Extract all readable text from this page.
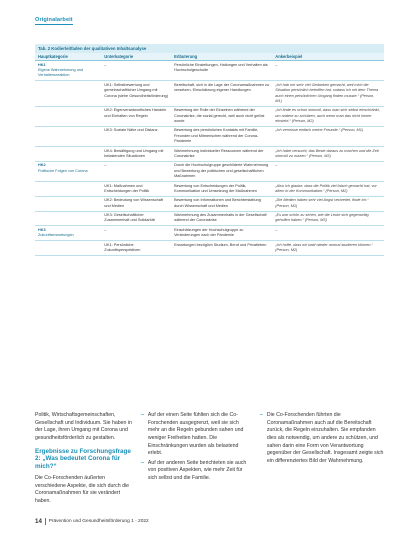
Originalarbeit
Tab. 2 Kodierleitfaden der qualitativen Inhaltsanalyse
Hauptkategorie	Unterkategorie	Erläuterung	Ankerbeispiel
HK1
Eigene Wahrnehmung und Verhaltensreaktion	–	Persönliche Einstellungen, Haltungen und Verhalten als Hochschulgeschulte	–

	UK1: Selbstbewertung und gemeinschaftlicher Umgang mit Corona (siehe Gesundheitsförderung)	Bereitschaft, sich in die Lage der Coronamaßnahmen zu versetzen, Einschätzung eigener Handlungen	„Ich hab mir sehr viel Gedanken gemacht, weil mich die Situation persönlich betroffen hat, sodass ich mit dem Thema auch einen persönlichen Umgang finden musste.“ (Person, M1)

	UK2: Eigenverantwortliches Handeln und Einhalten von Regeln	Bewertung der Rolle der Einzelnen während der Coronakrise, die sozial gerecht, weil auch nicht gelöst wurde	„Ich finde es schon sinnvoll, dass man sich selbst einschränkt, um andere zu schützen, auch wenn man das nicht immer einsieht.“ (Person, M2)

	UK3: Soziale Nähe und Distanz	Bewertung des persönlichen Kontakts mit Familie, Freunden und Mitmenschen während der Corona-Pandemie	„Ich vermisse einfach meine Freunde.“ (Person, M1)

	UK4: Bewältigung und Umgang mit belastenden Situationen	Wahrnehmung individueller Ressourcen während der Coronakrise	„Ich habe versucht, das Beste daraus zu machen und die Zeit sinnvoll zu nutzen.“ (Person, M3)
HK2
Politische Folgen von Corona	–	Durch die Hochschulgruppe geschilderte Wahrnehmung und Bewertung der politischen und gesellschaftlichen Maßnahmen	–

	UK1: Maßnahmen und Entscheidungen der Politik	Bewertung von Entscheidungen der Politik, Kommunikation und Umsetzung der Maßnahmen	„Also ich glaube, dass die Politik viel falsch gemacht hat, vor allem in der Kommunikation.“ (Person, M2)

	UK2: Bedeutung von Wissenschaft und Medien	Bewertung von Informationen und Berichterstattung durch Wissenschaft und Medien	„Die Medien haben sehr viel Angst verbreitet, finde ich.“ (Person, M1)

	UK3: Gesellschaftlicher Zusammenhalt und Solidarität	Wahrnehmung des Zusammenhalts in der Gesellschaft während der Coronakrise	„Es war schön zu sehen, wie die Leute sich gegenseitig geholfen haben.“ (Person, M3)
HK3
Zukunftserwartungen	–	Einschätzungen der Hochschulgruppe zu Veränderungen nach der Pandemie	–

	UK1: Persönliche Zukunftsperspektiven	Erwartungen bezüglich Studium, Beruf und Privatleben	„Ich hoffe, dass wir bald wieder normal studieren können.“ (Person, M2)

Politik, Wirtschaftsgemeinschaften, Gesellschaft und Individuum. Sie haben in der Lage, ihren Umgang mit Corona und gesundheitsförderlich zu gestalten.

Ergebnisse zu Forschungsfrage 2: „Was bedeutet Corona für mich?“

Die Co-Forschenden äußerten verschiedene Aspekte, die sich durch die Coronamaßnahmen für sie verändert haben.

– Auf der einen Seite fühlten sich die Co-Forschenden ausgegrenzt, weil sie sich mehr an die Regeln gebunden sahen und weniger Freiheiten hatten. Die Einschränkungen wurden als belastend erlebt.
– Auf der anderen Seite berichteten sie auch von positiven Aspekten, wie mehr Zeit für sich selbst und die Familie.
– Die Co-Forschenden führten die Coronamaßnahmen auch auf die Bereitschaft zurück, die Regeln einzuhalten. Sie empfanden dies als notwendig, um andere zu schützen, und sahen darin eine Form von Verantwortung gegenüber der Gesellschaft. Insgesamt zeigte sich ein differenziertes Bild der Wahrnehmung.
14 Prävention und Gesundheitsförderung 1 · 2022
